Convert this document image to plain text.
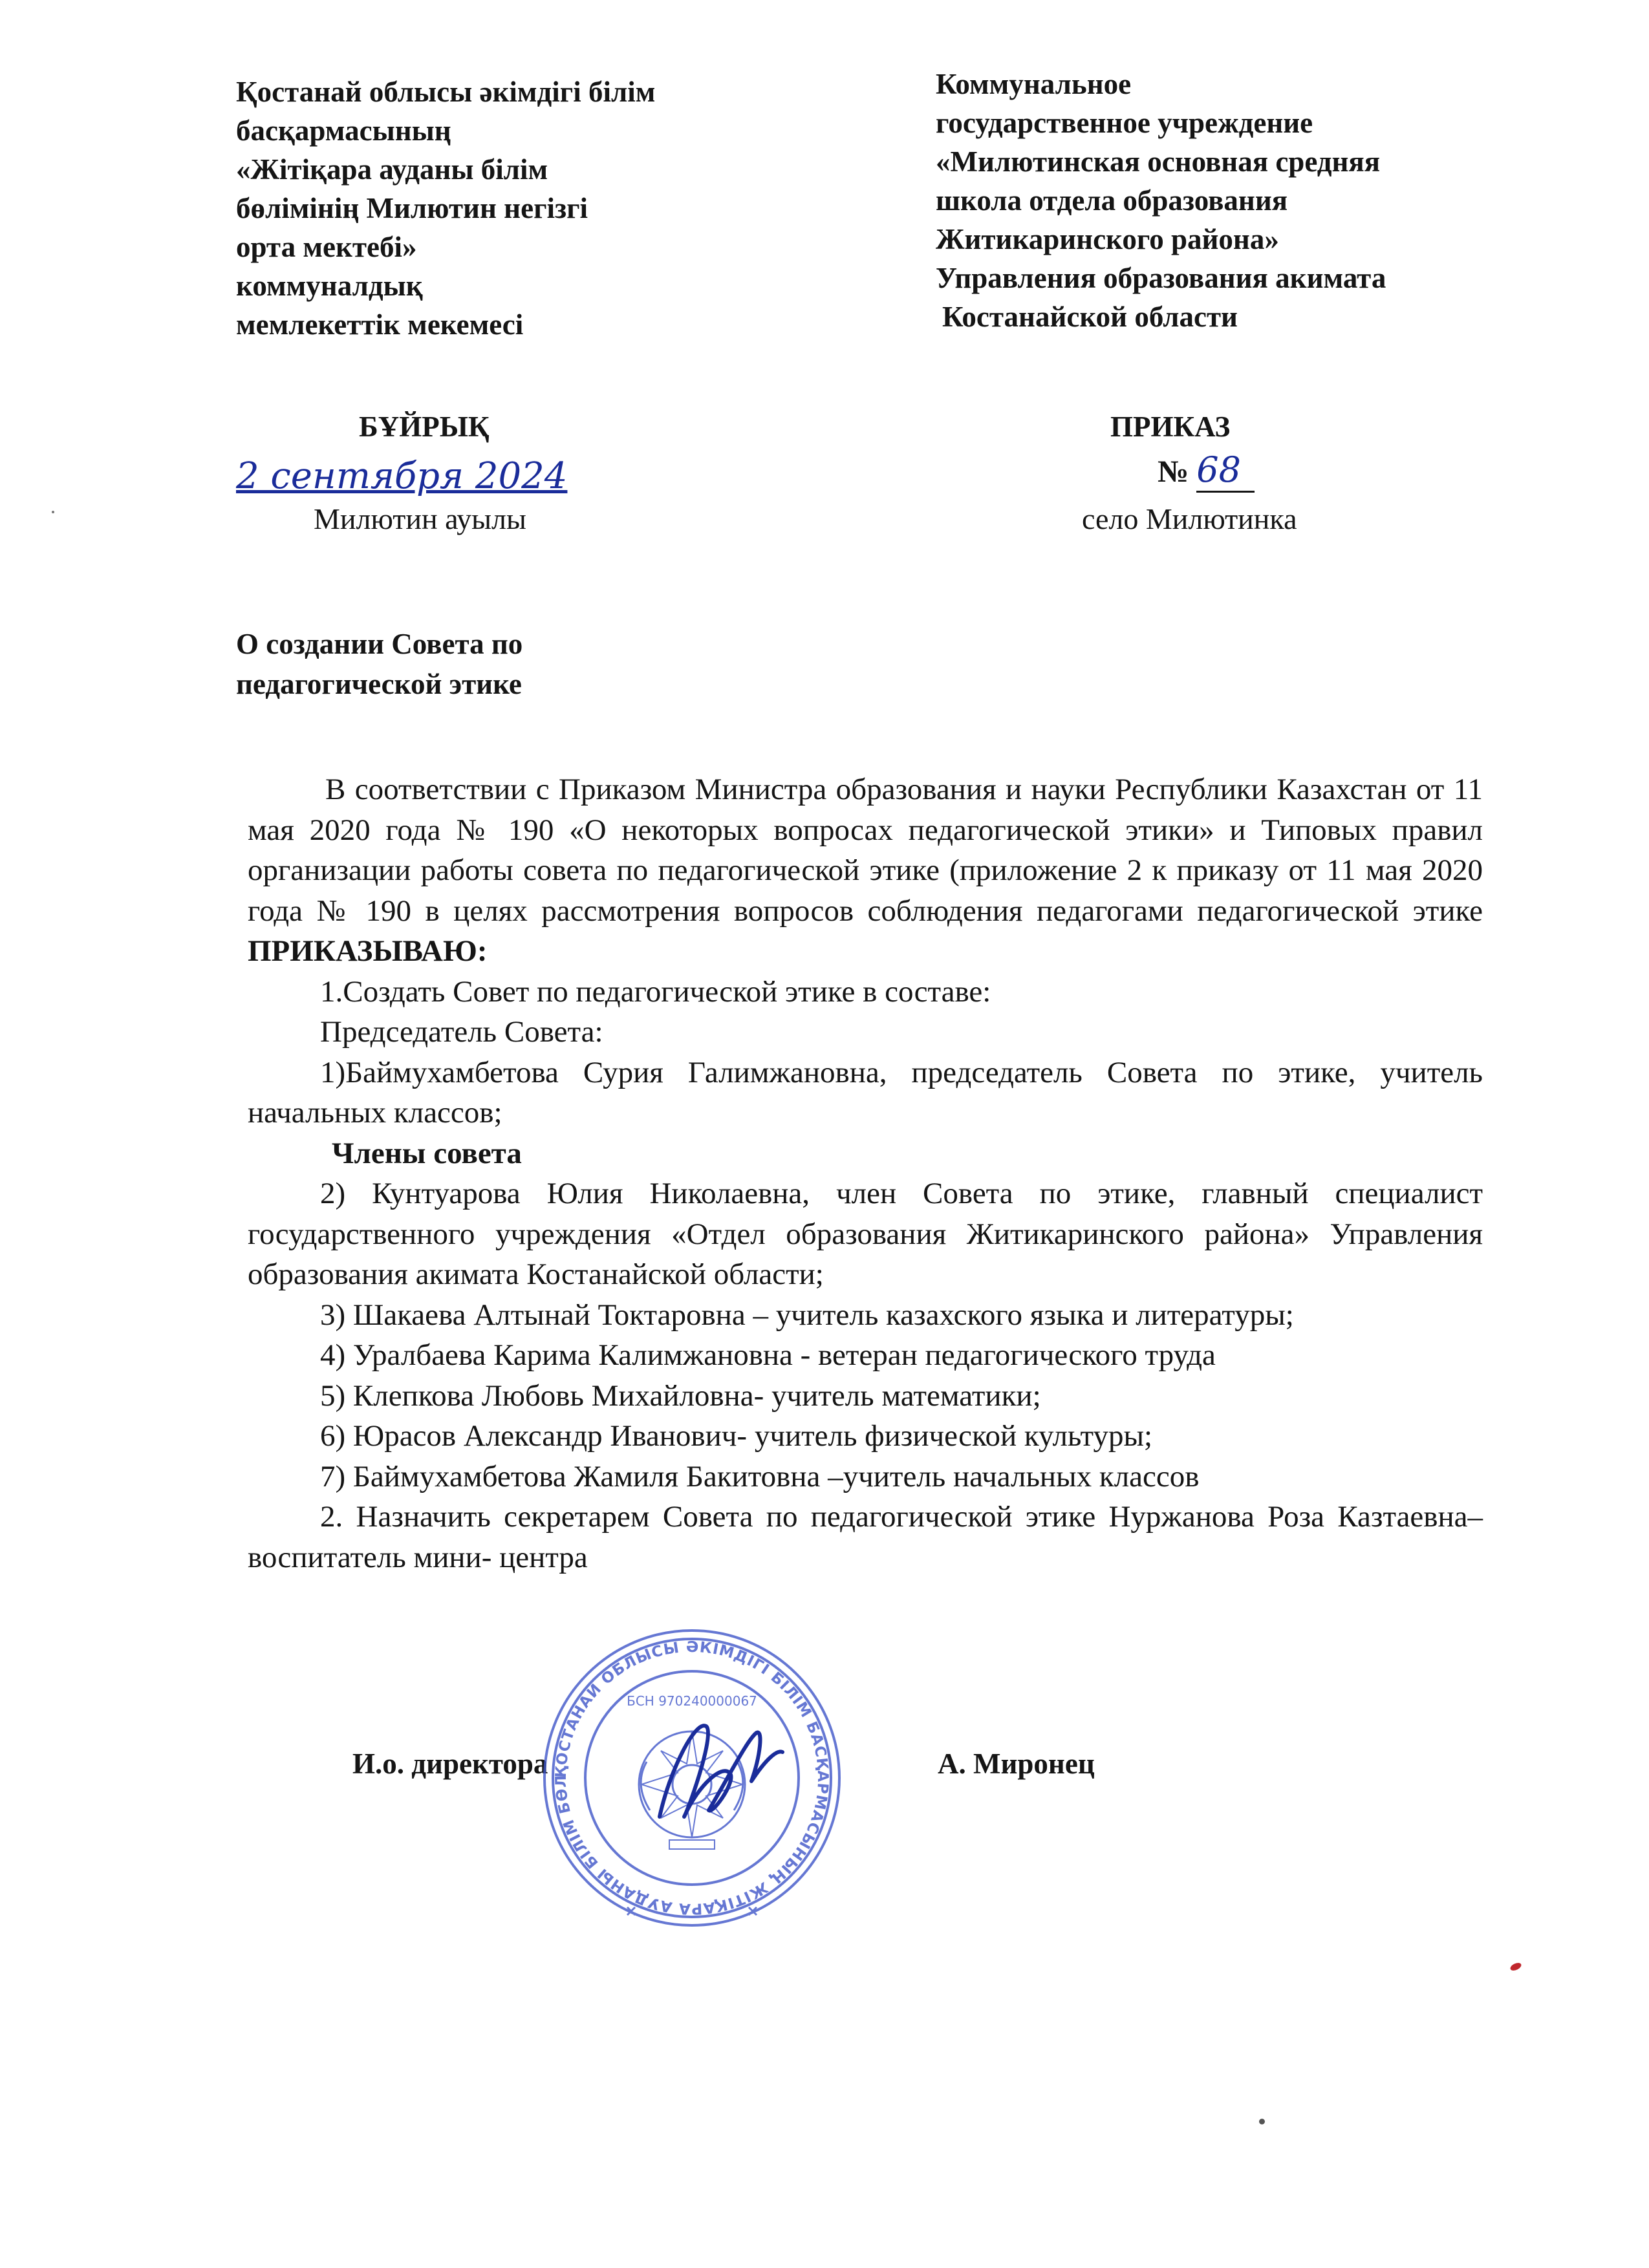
Қостанай облысы әкімдігі білім
басқармасының
«Жітіқара ауданы білім
бөлімінің Милютин негізгі
орта мектебі»
коммуналдық
мемлекеттік мекемесі
Коммунальное
государственное учреждение
«Милютинская основная средняя
школа отдела образования
Житикаринского района»
Управления образования акимата
Костанайской области
БҰЙРЫҚ
2 сентября 2024
Милютин ауылы
ПРИКАЗ
№ 68
село Милютинка
О создании Совета по
педагогической этике

В соответствии с Приказом Министра образования и науки Республики Казахстан от 11 мая 2020 года № 190 «О некоторых вопросах педагогической этики» и Типовых правил организации работы совета по педагогической этике (приложение 2 к приказу от 11 мая 2020 года № 190 в целях рассмотрения вопросов соблюдения педагогами педагогической этике ПРИКАЗЫВАЮ:

1.Создать Совет по педагогической этике в составе:

Председатель Совета:

1)Баймухамбетова Сурия Галимжановна, председатель Совета по этике, учитель начальных классов;

Члены совета

2) Кунтуарова Юлия Николаевна, член Совета по этике, главный специалист государственного учреждения «Отдел образования Житикаринского района» Управления образования акимата Костанайской области;

3) Шакаева Алтынай Токтаровна – учитель казахского языка и литературы;

4) Уралбаева Карима Калимжановна - ветеран педагогического труда

5) Клепкова Любовь Михайловна- учитель математики;

6) Юрасов Александр Иванович- учитель физической культуры;

7) Баймухамбетова Жамиля Бакитовна –учитель начальных классов

2. Назначить секретарем Совета по педагогической этике Нуржанова Роза Казтаевна– воспитатель мини- центра

И.о. директора	А. Миронец
ҚОСТАНАЙ ОБЛЫСЫ ӘКІМДІГІ БІЛІМ БАСҚАРМАСЫНЫҢ ЖІТІҚАРА АУДАНЫ БІЛІМ БӨЛ
БСН 970240000067
